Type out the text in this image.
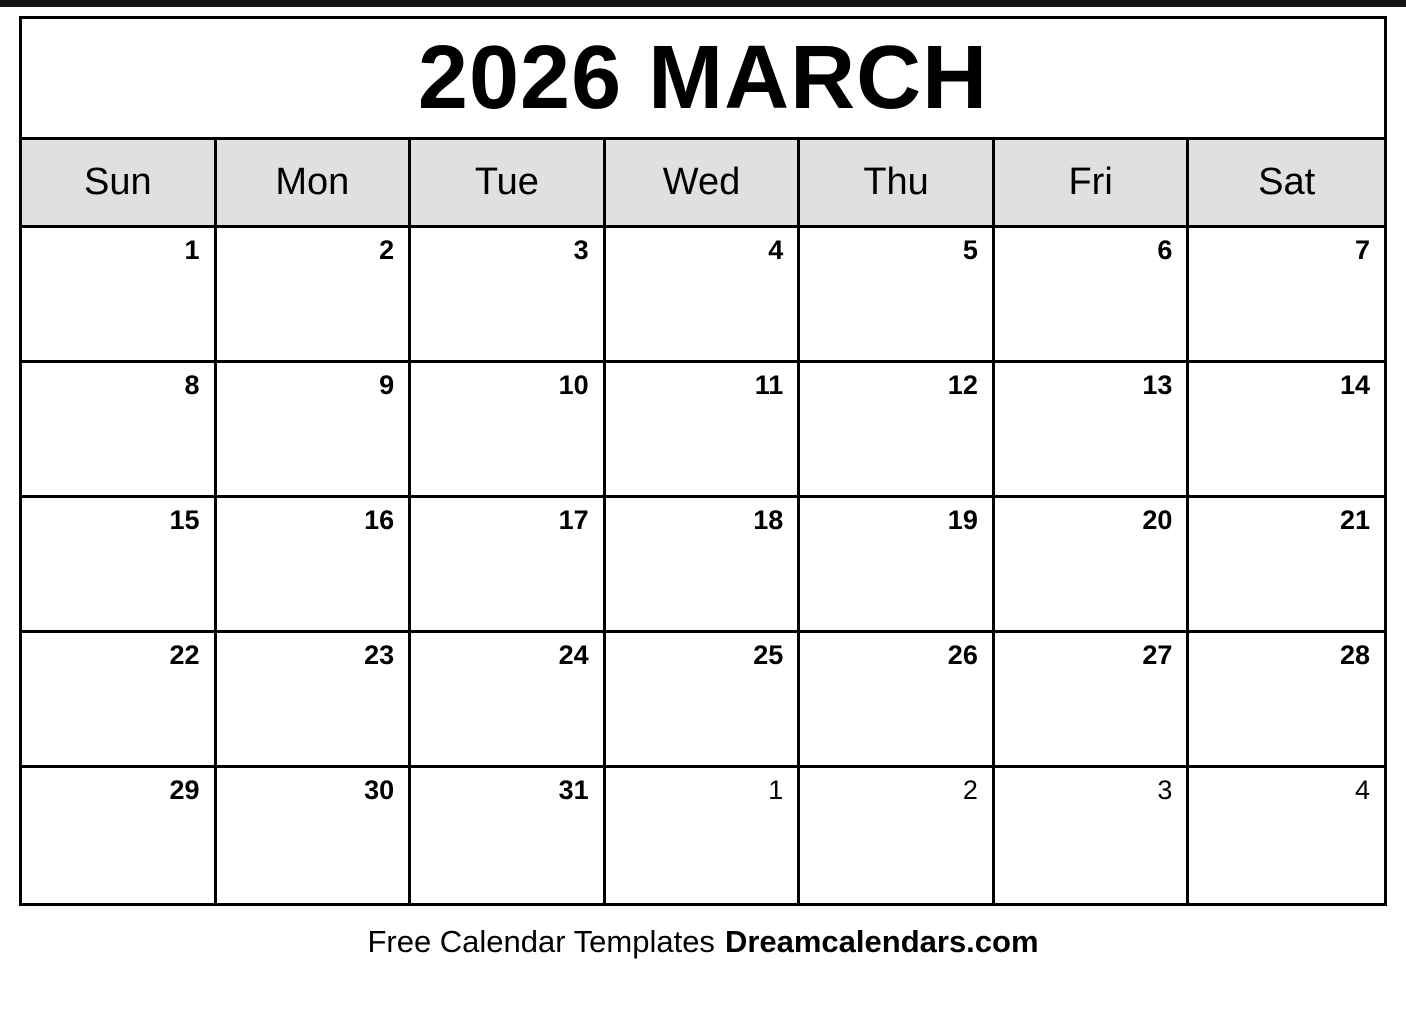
2026 MARCH
Sun	Mon	Tue	Wed	Thu	Fri	Sat
1	2	3	4	5	6	7
8	9	10	11	12	13	14
15	16	17	18	19	20	21
22	23	24	25	26	27	28
29	30	31	1	2	3	4
Free Calendar Templates Dreamcalendars.com
